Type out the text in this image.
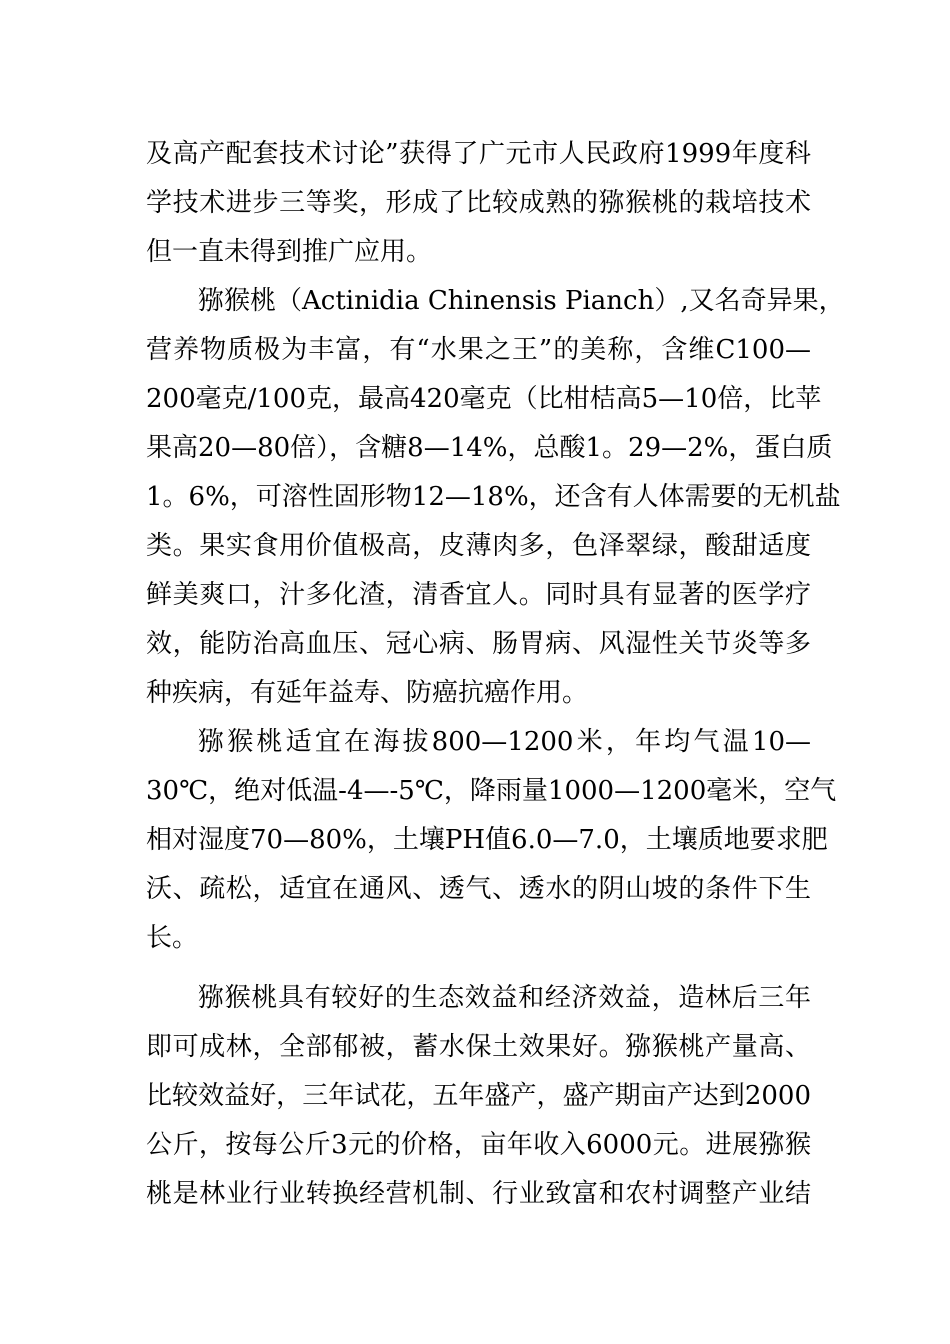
及高产配套技术讨论”获得了广元市人民政府1999年度科
学技术进步三等奖，形成了比较成熟的猕猴桃的栽培技术
但一直未得到推广应用。
猕猴桃（Actinidia Chinensis Pianch）,又名奇异果，
营养物质极为丰富，有“水果之王”的美称，含维C100—
200毫克/100克，最高420毫克（比柑桔高5—10倍，比苹
果高20—80倍），含糖8—14%，总酸1。29—2%，蛋白质
1。6%，可溶性固形物12—18%，还含有人体需要的无机盐
类。果实食用价值极高，皮薄肉多，色泽翠绿，酸甜适度
鲜美爽口，汁多化渣，清香宜人。同时具有显著的医学疗
效，能防治高血压、冠心病、肠胃病、风湿性关节炎等多
种疾病，有延年益寿、防癌抗癌作用。
猕猴桃适宜在海拔800—1200米，年均气温10—
30℃，绝对低温-4—-5℃，降雨量1000—1200毫米，空气
相对湿度70—80%，土壤PH值6.0—7.0，土壤质地要求肥
沃、疏松，适宜在通风、透气、透水的阴山坡的条件下生
长。
猕猴桃具有较好的生态效益和经济效益，造林后三年
即可成林，全部郁被，蓄水保土效果好。猕猴桃产量高、
比较效益好，三年试花，五年盛产，盛产期亩产达到2000
公斤，按每公斤3元的价格，亩年收入6000元。进展猕猴
桃是林业行业转换经营机制、行业致富和农村调整产业结
